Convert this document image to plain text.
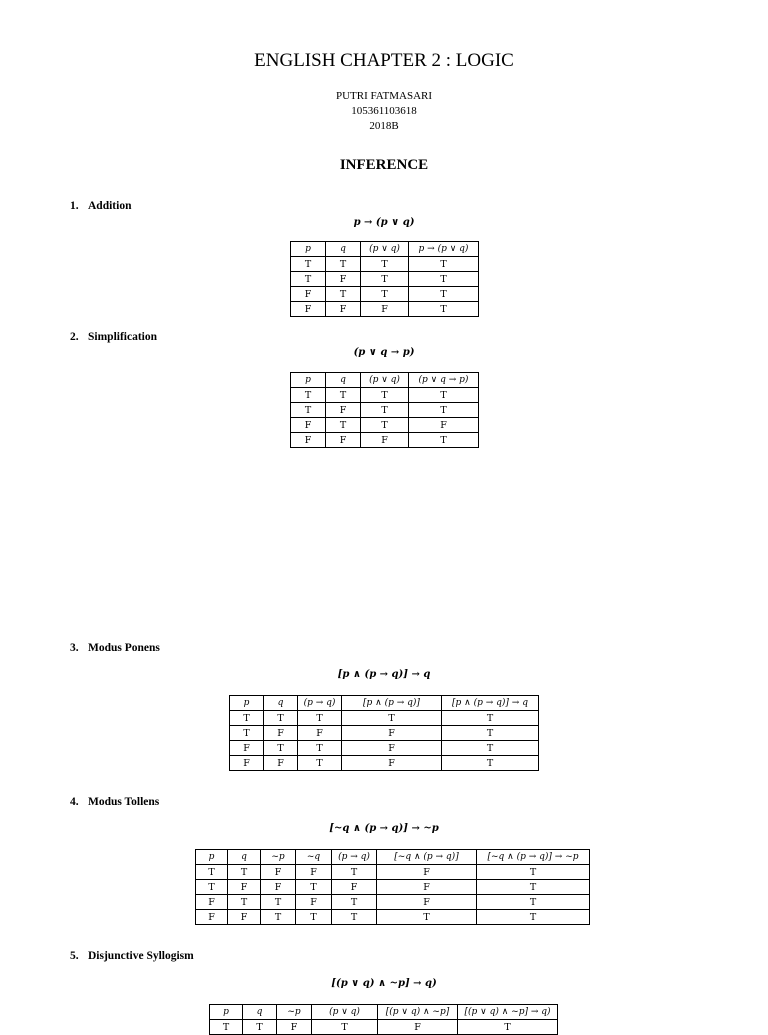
ENGLISH CHAPTER 2 : LOGIC
PUTRI FATMASARI
105361103618
2018B
INFERENCE
1. Addition
p → (p ∨ q)
p	q	(p ∨ q)	p → (p ∨ q)
T	T	T	T
T	F	T	T
F	T	T	T
F	F	F	T
2. Simplification
(p ∨ q → p)
p	q	(p ∨ q)	(p ∨ q → p)
T	T	T	T
T	F	T	T
F	T	T	F
F	F	F	T
3. Modus Ponens
[p ∧ (p → q)] → q
p	q	(p → q)	[p ∧ (p → q)]	[p ∧ (p → q)] → q
T	T	T	T	T
T	F	F	F	T
F	T	T	F	T
F	F	T	F	T
4. Modus Tollens
[~q ∧ (p → q)] → ~p
p	q	~p	~q	(p → q)	[~q ∧ (p → q)]	[~q ∧ (p → q)] → ~p
T	T	F	F	T	F	T
T	F	F	T	F	F	T
F	T	T	F	T	F	T
F	F	T	T	T	T	T
5. Disjunctive Syllogism
[(p ∨ q) ∧ ~p] → q)
p	q	~p	(p ∨ q)	[(p ∨ q) ∧ ~p]	[(p ∨ q) ∧ ~p] → q)
T	T	F	T	F	T
